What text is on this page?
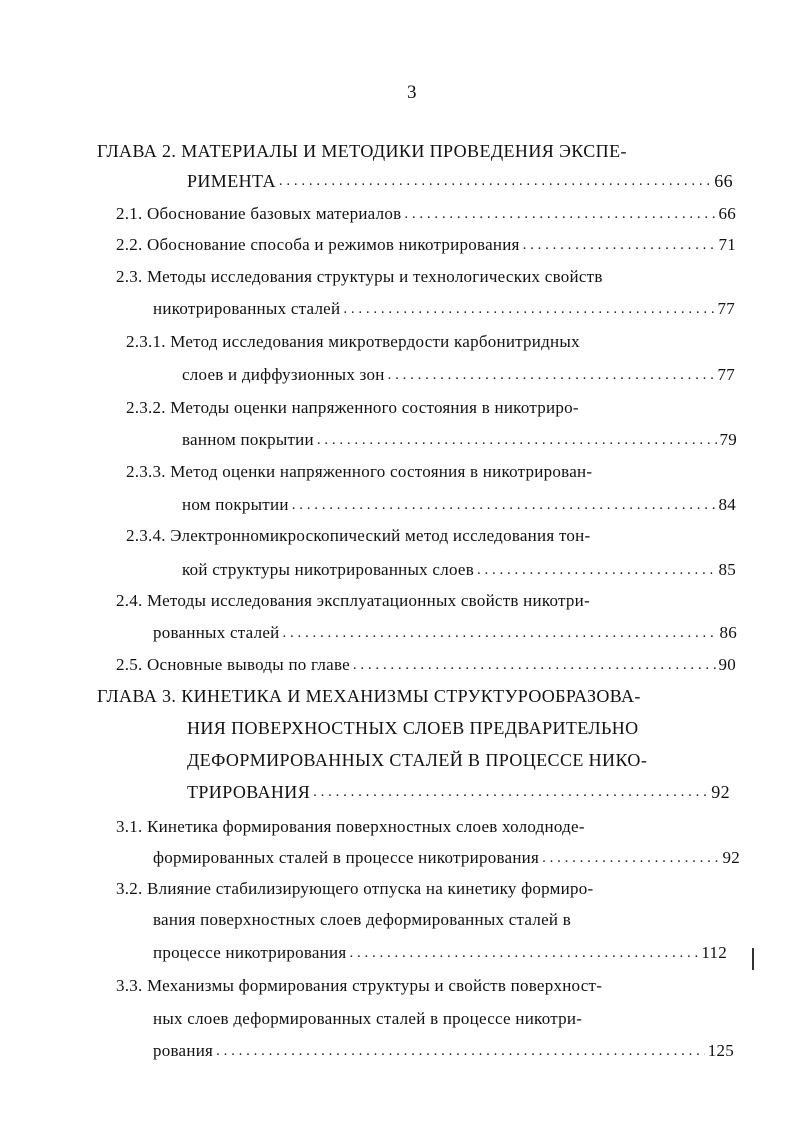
3
ГЛАВА 2. МАТЕРИАЛЫ И МЕТОДИКИ ПРОВЕДЕНИЯ ЭКСПЕ-
РИМЕНТА . . .	66
2.1. Обоснование базовых материалов . . .	66
2.2. Обоснование способа и режимов никотрирования . . .	71
2.3. Методы исследования структуры и технологических свойств
никотрированных сталей . . .	77
2.3.1. Метод исследования микротвердости карбонитридных
слоев и диффузионных зон . . .	77
2.3.2. Методы оценки напряженного состояния в никотриро-
ванном покрытии . . .	79
2.3.3. Метод оценки напряженного состояния в никотрирован-
ном покрытии . . .	84
2.3.4. Электронномикроскопический метод исследования тон-
кой структуры никотрированных слоев . . .	85
2.4. Методы исследования эксплуатационных свойств никотри-
рованных сталей . . .	86
2.5. Основные выводы по главе . . .	90
ГЛАВА 3. КИНЕТИКА И МЕХАНИЗМЫ СТРУКТУРООБРАЗОВА-
НИЯ ПОВЕРХНОСТНЫХ СЛОЕВ ПРЕДВАРИТЕЛЬНО
ДЕФОРМИРОВАННЫХ СТАЛЕЙ В ПРОЦЕССЕ НИКО-
ТРИРОВАНИЯ . . .	92
3.1. Кинетика формирования поверхностных слоев холодноде-
формированных сталей в процессе никотрирования . . .	92
3.2. Влияние стабилизирующего отпуска на кинетику формиро-
вания поверхностных слоев деформированных сталей в
процессе никотрирования . . .	112
3.3. Механизмы формирования структуры и свойств поверхност-
ных слоев деформированных сталей в процессе никотри-
рования . . .	125
